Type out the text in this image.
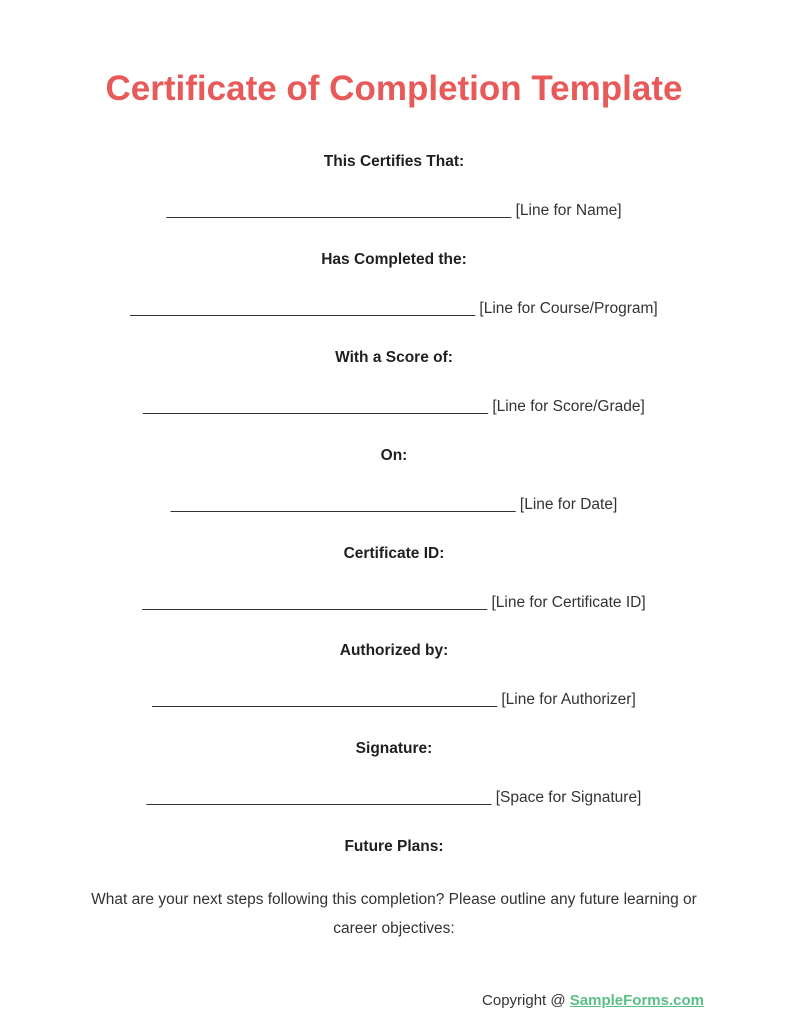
Certificate of Completion Template
This Certifies That:
________________________________________ [Line for Name]
Has Completed the:
________________________________________ [Line for Course/Program]
With a Score of:
________________________________________ [Line for Score/Grade]
On:
________________________________________ [Line for Date]
Certificate ID:
________________________________________ [Line for Certificate ID]
Authorized by:
________________________________________ [Line for Authorizer]
Signature:
________________________________________ [Space for Signature]
Future Plans:
What are your next steps following this completion? Please outline any future learning or career objectives:
Copyright @ SampleForms.com
